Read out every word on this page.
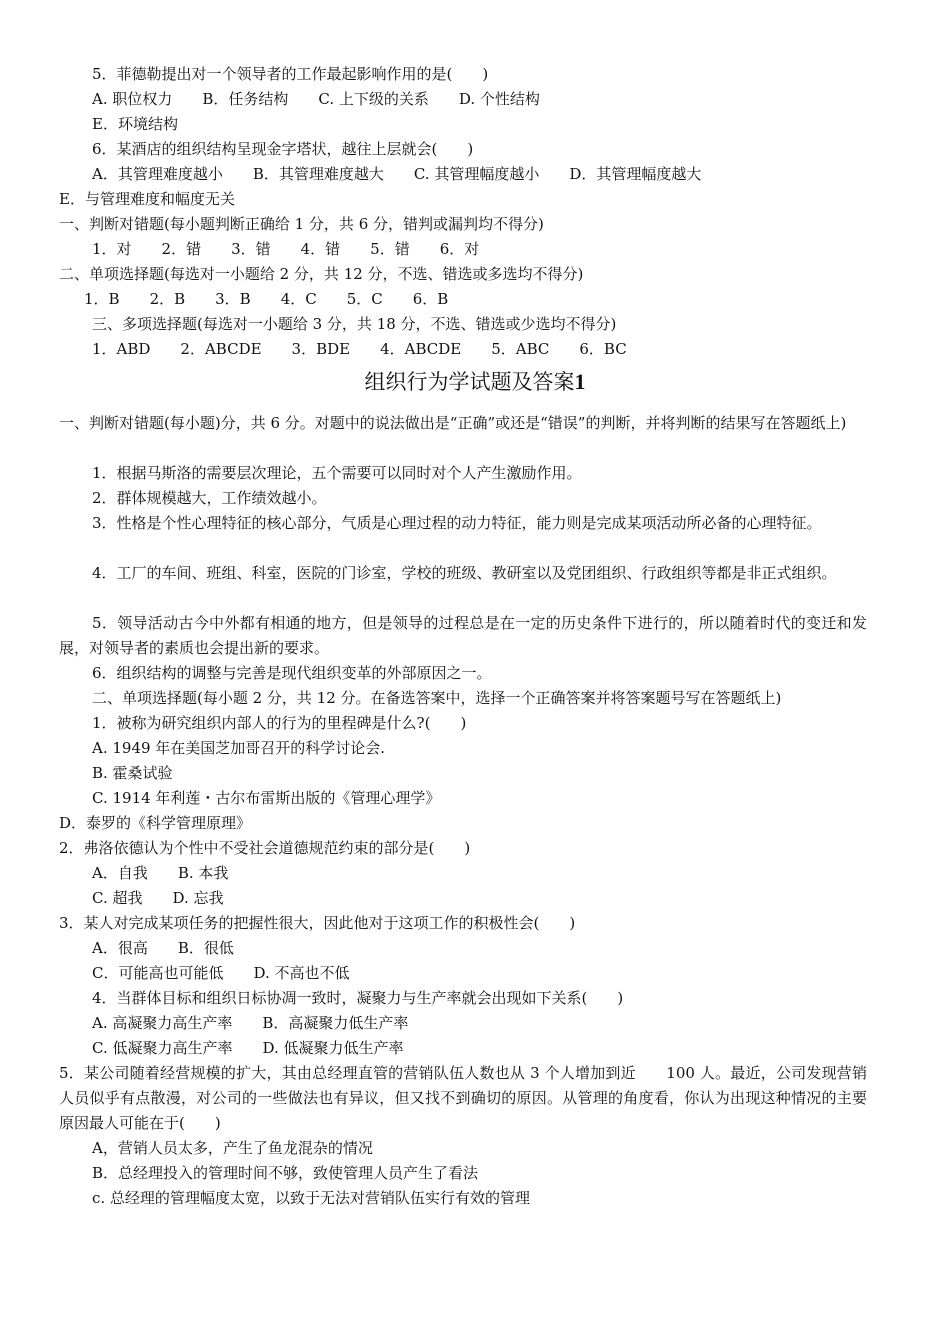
5．菲德勒提出对一个领导者的工作最起影响作用的是(　　)
A. 职位权力　　B．任务结构　　C. 上下级的关系　　D. 个性结构
E．环境结构
6．某酒店的组织结构呈现金字塔状，越往上层就会(　　)
A．其管理难度越小　　B．其管理难度越大　　C. 其管理幅度越小　　D．其管理幅度越大
E．与管理难度和幅度无关
一、判断对错题(每小题判断正确给 1 分，共 6 分，错判或漏判均不得分)
1．对　　2．错　　3．错　　4．错　　5．错　　6．对
二、单项选择题(每选对一小题给 2 分，共 12 分，不选、错选或多选均不得分)
1．B　　2．B　　3．B　　4．C　　5．C　　6．B
三、多项选择题(每选对一小题给 3 分，共 18 分，不选、错选或少选均不得分)
1．ABD　　2．ABCDE　　3．BDE　　4．ABCDE　　5．ABC　　6．BC
组织行为学试题及答案1
一、判断对错题(每小题)分，共 6 分。对题中的说法做出是“正确”或还是“错误”的判断，并将判断的结果写在答题纸上)
1．根据马斯洛的需要层次理论，五个需要可以同时对个人产生激励作用。
2．群体规模越大，工作绩效越小。
3．性格是个性心理特征的核心部分，气质是心理过程的动力特征，能力则是完成某项活动所必备的心理特征。
4．工厂的车间、班组、科室，医院的门诊室，学校的班级、教研室以及党团组织、行政组织等都是非正式组织。
5．领导活动古今中外都有相通的地方，但是领导的过程总是在一定的历史条件下进行的，所以随着时代的变迁和发展，对领导者的素质也会提出新的要求。
6．组织结构的调整与完善是现代组织变革的外部原因之一。
二、单项选择题(每小题 2 分，共 12 分。在备选答案中，选择一个正确答案并将答案题号写在答题纸上)
1．被称为研究组织内部人的行为的里程碑是什么?(　　)
A. 1949 年在美国芝加哥召开的科学讨论会.
B. 霍桑试验
C. 1914 年利莲・古尔布雷斯出版的《管理心理学》
D．泰罗的《科学管理原理》
2．弗洛依德认为个性中不受社会道德规范约束的部分是(　　)
A．自我　　B. 本我
C. 超我　　D. 忘我
3．某人对完成某项任务的把握性很大，因此他对于这项工作的积极性会(　　)
A．很高　　B．很低
C．可能高也可能低　　D. 不高也不低
4．当群体目标和组织日标协凋一致时，凝聚力与生产率就会出现如下关系(　　)
A. 高凝聚力高生产率　　B．高凝聚力低生产率
C. 低凝聚力高生产率　　D. 低凝聚力低生产率
5．某公司随着经营规模的扩大，其由总经理直管的营销队伍人数也从 3 个人增加到近　　100 人。最近，公司发现营销人员似乎有点散漫，对公司的一些做法也有异议，但又找不到确切的原因。从管理的角度看，你认为出现这种情况的主要原因最人可能在于(　　)
A，营销人员太多，产生了鱼龙混杂的情况
B．总经理投入的管理时间不够，致使管理人员产生了看法
c. 总经理的管理幅度太宽，以致于无法对营销队伍实行有效的管理
